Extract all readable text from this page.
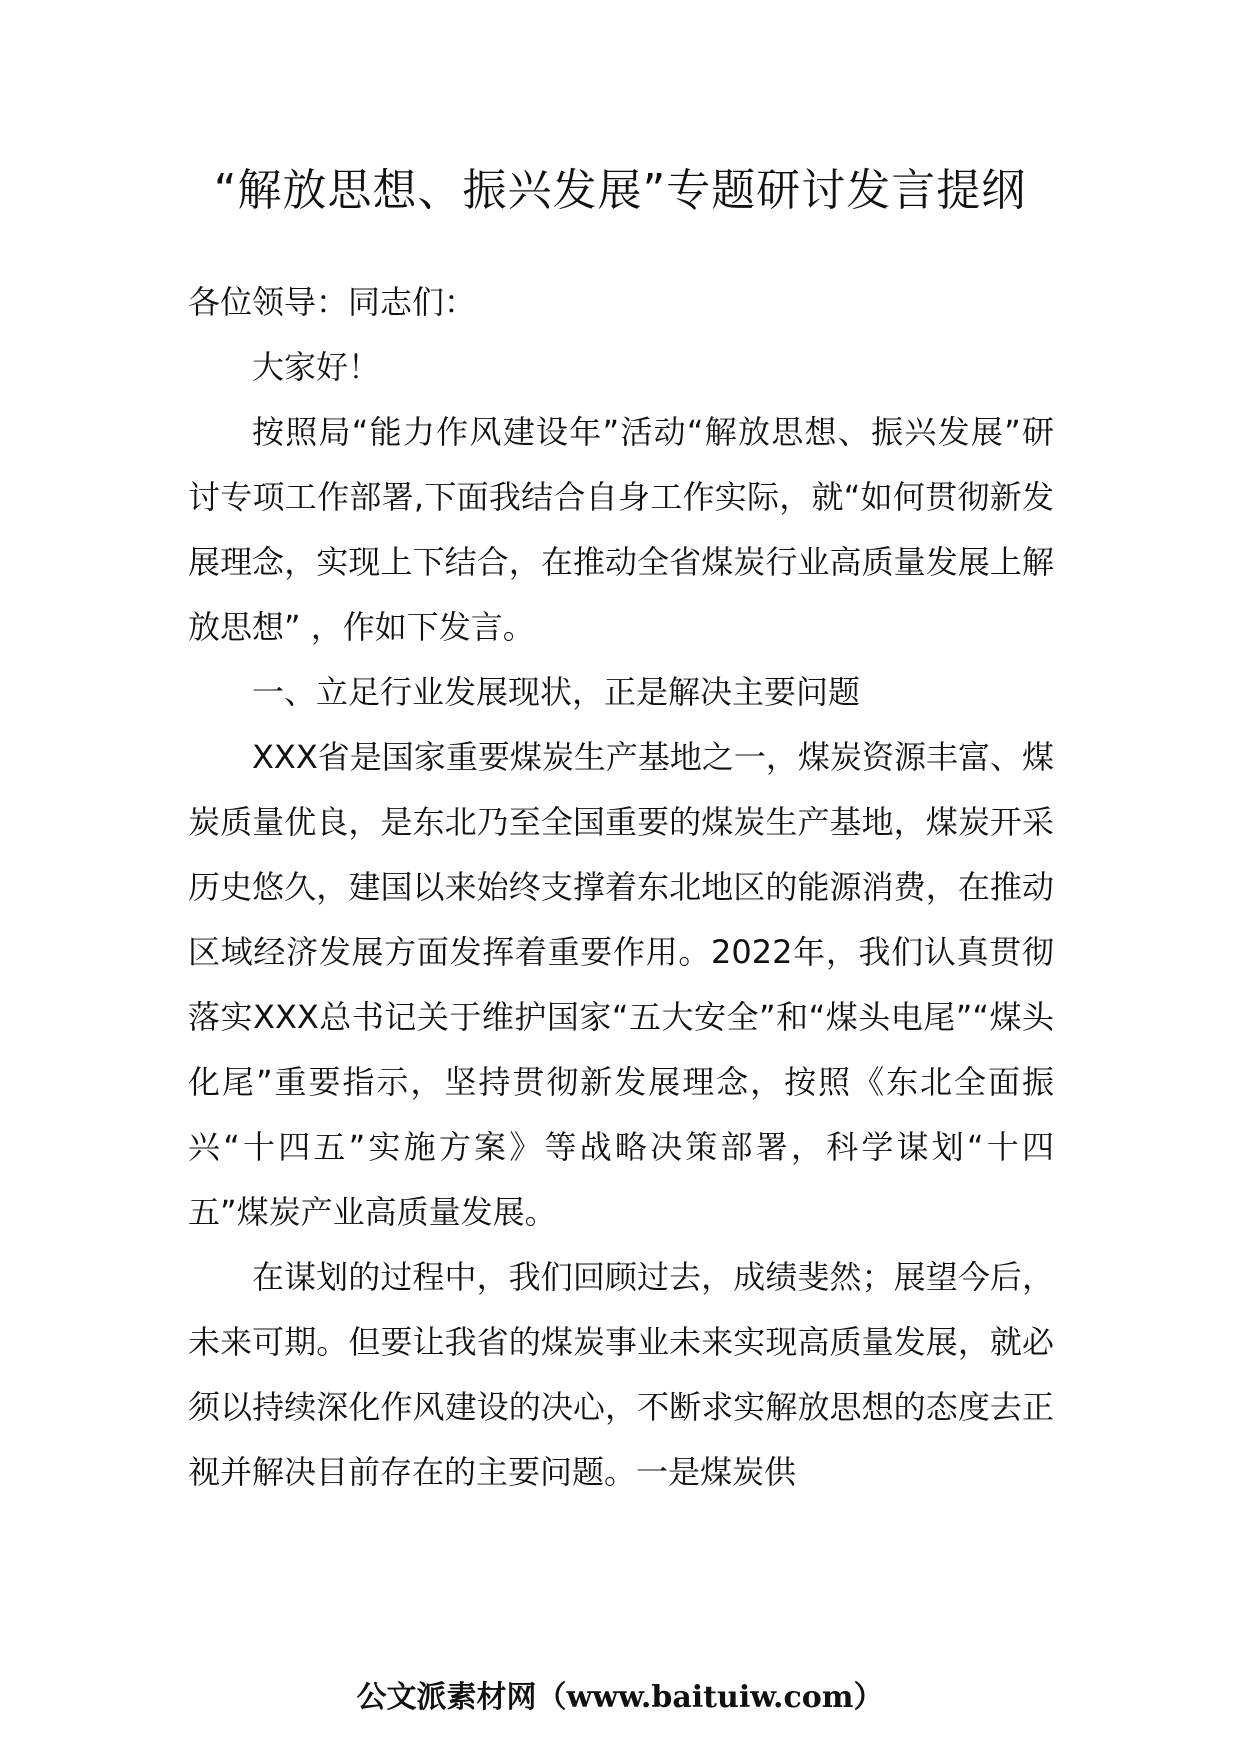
“解放思想、振兴发展”专题研讨发言提纲

各位领导：同志们：

大家好！

按照局“能力作风建设年”活动“解放思想、振兴发展”研讨专项工作部署,下面我结合自身工作实际，就“如何贯彻新发展理念，实现上下结合，在推动全省煤炭行业高质量发展上解放思想” ，作如下发言。

一、立足行业发展现状，正是解决主要问题

XXX省是国家重要煤炭生产基地之一，煤炭资源丰富、煤炭质量优良，是东北乃至全国重要的煤炭生产基地，煤炭开采历史悠久，建国以来始终支撑着东北地区的能源消费，在推动区域经济发展方面发挥着重要作用。2022年，我们认真贯彻落实XXX总书记关于维护国家“五大安全”和“煤头电尾”“煤头化尾”重要指示，坚持贯彻新发展理念，按照《东北全面振兴“十四五”实施方案》等战略决策部署，科学谋划“十四五”煤炭产业高质量发展。

在谋划的过程中，我们回顾过去，成绩斐然；展望今后，未来可期。但要让我省的煤炭事业未来实现高质量发展，就必须以持续深化作风建设的决心，不断求实解放思想的态度去正视并解决目前存在的主要问题。一是煤炭供

公文派素材网（www.baituiw.com）
